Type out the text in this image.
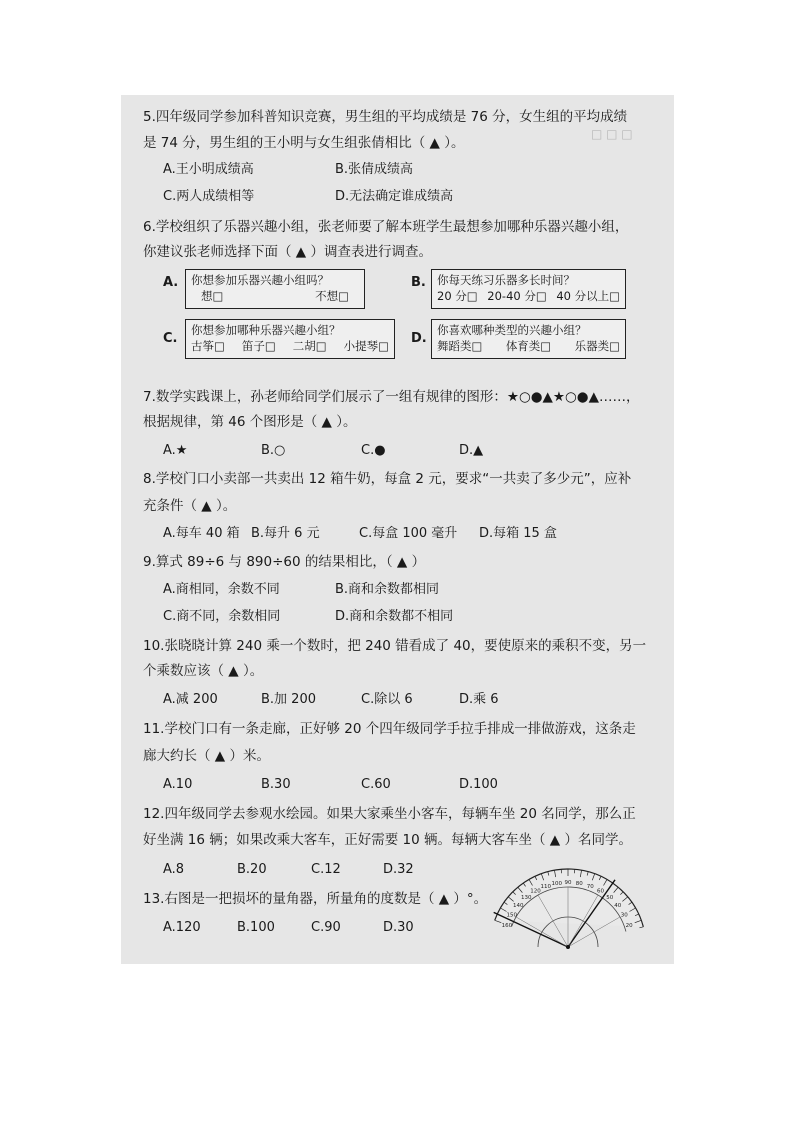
□ □ □
5.四年级同学参加科普知识竞赛，男生组的平均成绩是 76 分，女生组的平均成绩
是 74 分，男生组的王小明与女生组张倩相比（ ▲ ）。
A.王小明成绩高	B.张倩成绩高
C.两人成绩相等	D.无法确定谁成绩高
6.学校组织了乐器兴趣小组，张老师要了解本班学生最想参加哪种乐器兴趣小组，
你建议张老师选择下面（ ▲ ）调查表进行调查。
A. 你想参加乐器兴趣小组吗？
想□	不想□
B. 你每天练习乐器多长时间？
20 分□ 20-40 分□ 40 分以上□
C.
你想参加哪种乐器兴趣小组？
古筝□ 笛子□ 二胡□ 小提琴□ D.
你喜欢哪种类型的兴趣小组？
舞蹈类□ 体育类□ 乐器类□
7.数学实践课上，孙老师给同学们展示了一组有规律的图形：★○●▲★○●▲……，
根据规律，第 46 个图形是（ ▲ ）。
A.★	B.○	C.●	D.▲
8.学校门口小卖部一共卖出 12 箱牛奶，每盒 2 元，要求“一共卖了多少元”，应补
充条件（ ▲ ）。
A.每车 40 箱 B.每升 6 元	C.每盒 100 毫升 D.每箱 15 盒
9.算式 89÷6 与 890÷60 的结果相比，（ ▲ ）
A.商相同，余数不同	B.商和余数都相同
C.商不同，余数相同	D.商和余数都不相同
10.张晓晓计算 240 乘一个数时，把 240 错看成了 40，要使原来的乘积不变，另一
个乘数应该（ ▲ ）。
A.减 200	B.加 200	C.除以 6	D.乘 6
11.学校门口有一条走廊，正好够 20 个四年级同学手拉手排成一排做游戏，这条走
廊大约长（ ▲ ）米。
A.10	B.30	C.60	D.100
12.四年级同学去参观水绘园。如果大家乘坐小客车，每辆车坐 20 名同学，那么正
好坐满 16 辆；如果改乘大客车，正好需要 10 辆。每辆大客车坐（ ▲ ）名同学。
A.8	B.20	C.12	D.32
13.右图是一把损坏的量角器，所量角的度数是（ ▲ ）°。
A.120	B.100	C.90	D.30	20
30
40
50
60
70
80
90
100
110
120
130
140
150
160
